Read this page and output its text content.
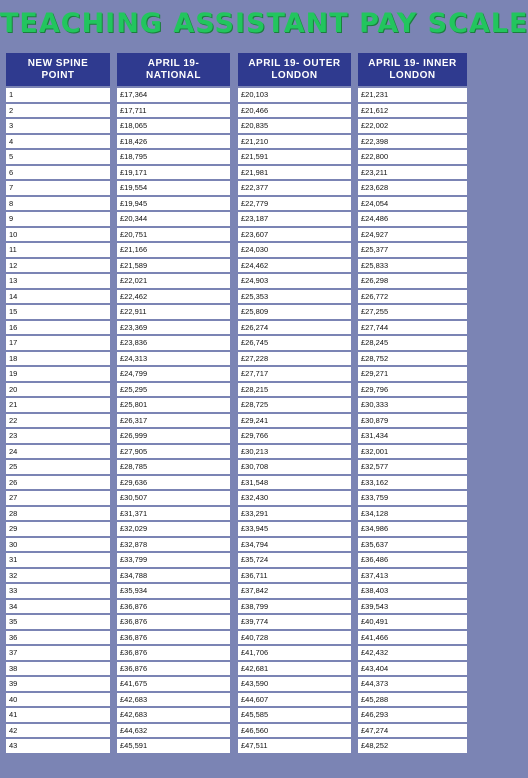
TEACHING ASSISTANT PAY SCALE
NEW SPINE POINT
1
2
3
4
5
6
7
8
9
10
11
12
13
14
15
16
17
18
19
20
21
22
23
24
25
26
27
28
29
30
31
32
33
34
35
36
37
38
39
40
41
42
43
APRIL 19- NATIONAL
£17,364
£17,711
£18,065
£18,426
£18,795
£19,171
£19,554
£19,945
£20,344
£20,751
£21,166
£21,589
£22,021
£22,462
£22,911
£23,369
£23,836
£24,313
£24,799
£25,295
£25,801
£26,317
£26,999
£27,905
£28,785
£29,636
£30,507
£31,371
£32,029
£32,878
£33,799
£34,788
£35,934
£36,876
£36,876
£36,876
£36,876
£36,876
£41,675
£42,683
£42,683
£44,632
£45,591
APRIL 19- OUTER LONDON
£20,103
£20,466
£20,835
£21,210
£21,591
£21,981
£22,377
£22,779
£23,187
£23,607
£24,030
£24,462
£24,903
£25,353
£25,809
£26,274
£26,745
£27,228
£27,717
£28,215
£28,725
£29,241
£29,766
£30,213
£30,708
£31,548
£32,430
£33,291
£33,945
£34,794
£35,724
£36,711
£37,842
£38,799
£39,774
£40,728
£41,706
£42,681
£43,590
£44,607
£45,585
£46,560
£47,511
APRIL 19- INNER LONDON
£21,231
£21,612
£22,002
£22,398
£22,800
£23,211
£23,628
£24,054
£24,486
£24,927
£25,377
£25,833
£26,298
£26,772
£27,255
£27,744
£28,245
£28,752
£29,271
£29,796
£30,333
£30,879
£31,434
£32,001
£32,577
£33,162
£33,759
£34,128
£34,986
£35,637
£36,486
£37,413
£38,403
£39,543
£40,491
£41,466
£42,432
£43,404
£44,373
£45,288
£46,293
£47,274
£48,252
